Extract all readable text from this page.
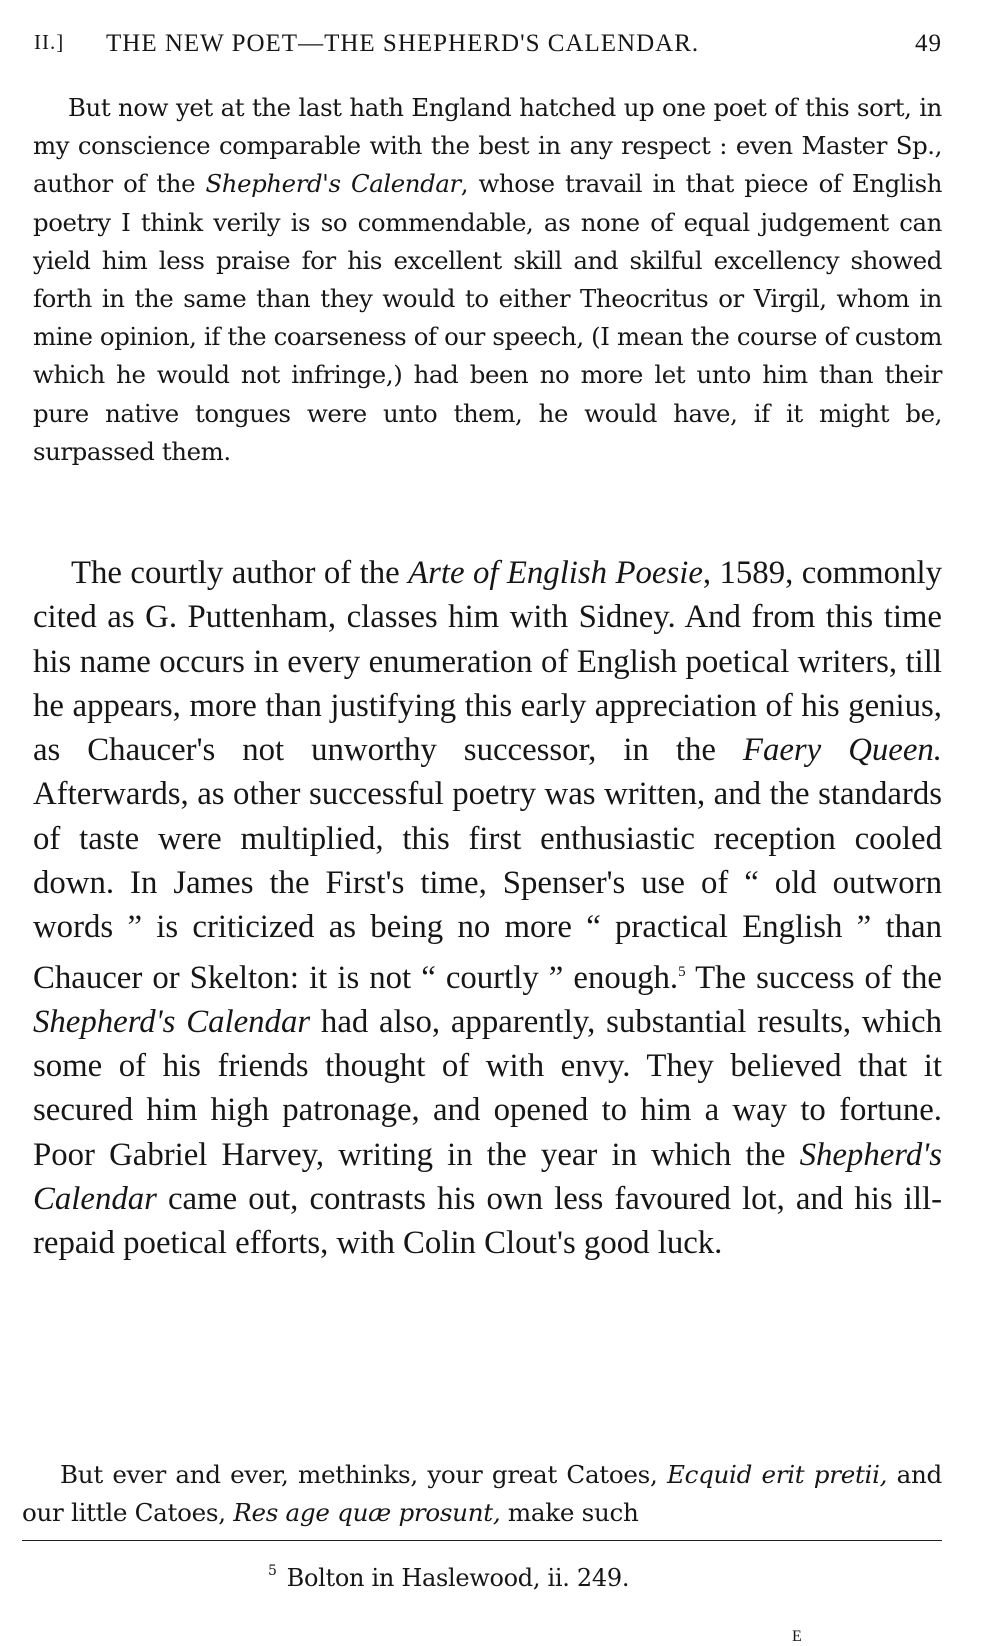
II.] THE NEW POET—THE SHEPHERD'S CALENDAR.	49

But now yet at the last hath England hatched up one poet of this sort, in my conscience comparable with the best in any respect : even Master Sp., author of the Shepherd's Calendar, whose travail in that piece of English poetry I think verily is so commendable, as none of equal judgement can yield him less praise for his excellent skill and skilful excellency showed forth in the same than they would to either Theocritus or Virgil, whom in mine opinion, if the coarseness of our speech, (I mean the course of custom which he would not infringe,) had been no more let unto him than their pure native tongues were unto them, he would have, if it might be, surpassed them.

The courtly author of the Arte of English Poesie, 1589, commonly cited as G. Puttenham, classes him with Sidney. And from this time his name occurs in every enumeration of English poetical writers, till he appears, more than justifying this early appreciation of his genius, as Chaucer's not unworthy successor, in the Faery Queen. Afterwards, as other successful poetry was written, and the standards of taste were multiplied, this first enthusiastic reception cooled down. In James the First's time, Spenser's use of “ old outworn words ” is criticized as being no more “ practical English ” than Chaucer or Skelton: it is not “ courtly ” enough.$^5$ The success of the Shepherd's Calendar had also, apparently, substantial results, which some of his friends thought of with envy. They believed that it secured him high patronage, and opened to him a way to fortune. Poor Gabriel Harvey, writing in the year in which the Shepherd's Calendar came out, contrasts his own less favoured lot, and his ill-repaid poetical efforts, with Colin Clout's good luck.

But ever and ever, methinks, your great Catoes, Ecquid erit pretii, and our little Catoes, Res age quæ prosunt, make such

$^5$ Bolton in Haslewood, ii. 249.
E
